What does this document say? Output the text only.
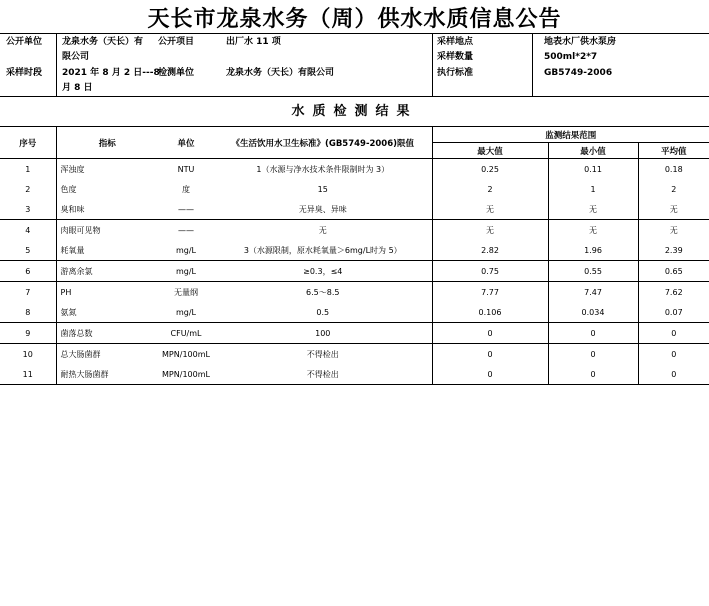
天长市龙泉水务（周）供水水质信息公告
公开单位 龙泉水务（天长）有
限公司
公开项目	出厂水 11 项
采样时段 2021 年 8 月 2 日---8
月 8 日
检测单位	龙泉水务（天长）有限公司
采样地点	地表水厂供水泵房
采样数量	500ml*2*7
执行标准	GB5749-2006
水质检测结果
序号	指标	单位	《生活饮用水卫生标准》(GB5749-2006)限值	监测结果范围		
				最大值	最小值	平均值
1	浑浊度	NTU	1（水源与净水技术条件限制时为 3）	0.25	0.11	0.18
2	色度	度	15	2	1	2
3	臭和味	——	无异臭、异味	无	无	无
4	肉眼可见物	——	无	无	无	无
5	耗氧量	mg/L	3（水源限制，原水耗氧量＞6mg/L时为 5）	2.82	1.96	2.39
6	游离余氯	mg/L	≥0.3，≤4	0.75	0.55	0.65
7	PH	无量纲	6.5～8.5	7.77	7.47	7.62
8	氨氮	mg/L	0.5	0.106	0.034	0.07
9	菌落总数	CFU/mL	100	0	0	0
10	总大肠菌群	MPN/100mL	不得检出	0	0	0
11	耐热大肠菌群	MPN/100mL	不得检出	0	0	0
